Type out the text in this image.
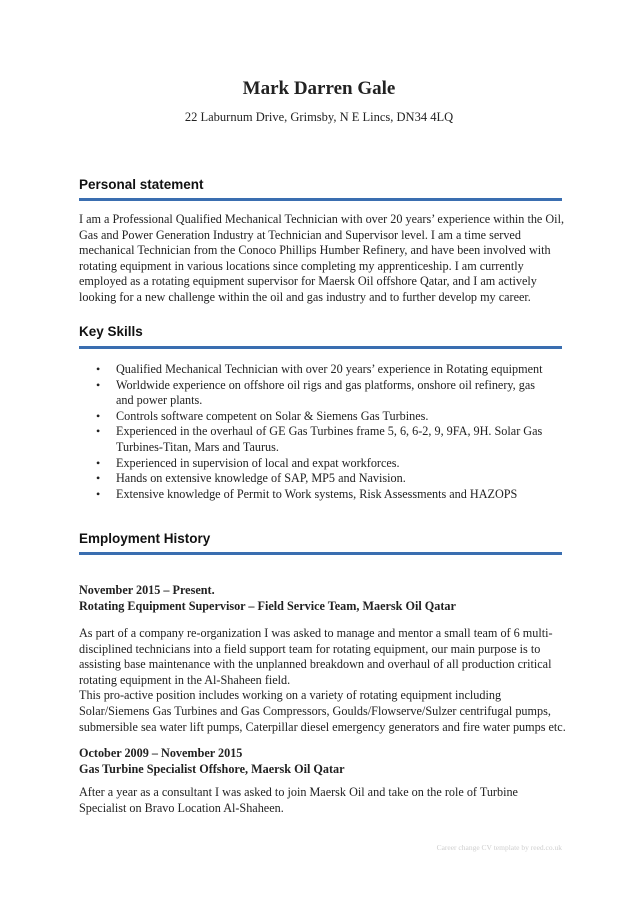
Mark Darren Gale
22 Laburnum Drive, Grimsby, N E Lincs, DN34 4LQ
Personal statement
I am a Professional Qualified Mechanical Technician with over 20 years’ experience within the Oil, Gas and Power Generation Industry at Technician and Supervisor level. I am a time served mechanical Technician from the Conoco Phillips Humber Refinery, and have been involved with rotating equipment in various locations since completing my apprenticeship. I am currently employed as a rotating equipment supervisor for Maersk Oil offshore Qatar, and I am actively looking for a new challenge within the oil and gas industry and to further develop my career.
Key Skills
• Qualified Mechanical Technician with over 20 years’ experience in Rotating equipment
• Worldwide experience on offshore oil rigs and gas platforms, onshore oil refinery, gas and power plants.
• Controls software competent on Solar & Siemens Gas Turbines.
• Experienced in the overhaul of GE Gas Turbines frame 5, 6, 6-2, 9, 9FA, 9H. Solar Gas Turbines-Titan, Mars and Taurus.
• Experienced in supervision of local and expat workforces.
• Hands on extensive knowledge of SAP, MP5 and Navision.
• Extensive knowledge of Permit to Work systems, Risk Assessments and HAZOPS
Employment History
November 2015 – Present.
Rotating Equipment Supervisor – Field Service Team, Maersk Oil Qatar

As part of a company re-organization I was asked to manage and mentor a small team of 6 multi-disciplined technicians into a field support team for rotating equipment, our main purpose is to assisting base maintenance with the unplanned breakdown and overhaul of all production critical rotating equipment in the Al-Shaheen field.

This pro-active position includes working on a variety of rotating equipment including Solar/Siemens Gas Turbines and Gas Compressors, Goulds/Flowserve/Sulzer centrifugal pumps, submersible sea water lift pumps, Caterpillar diesel emergency generators and fire water pumps etc.

October 2009 – November 2015
Gas Turbine Specialist Offshore, Maersk Oil Qatar

After a year as a consultant I was asked to join Maersk Oil and take on the role of Turbine Specialist on Bravo Location Al-Shaheen.

Career change CV template by reed.co.uk
